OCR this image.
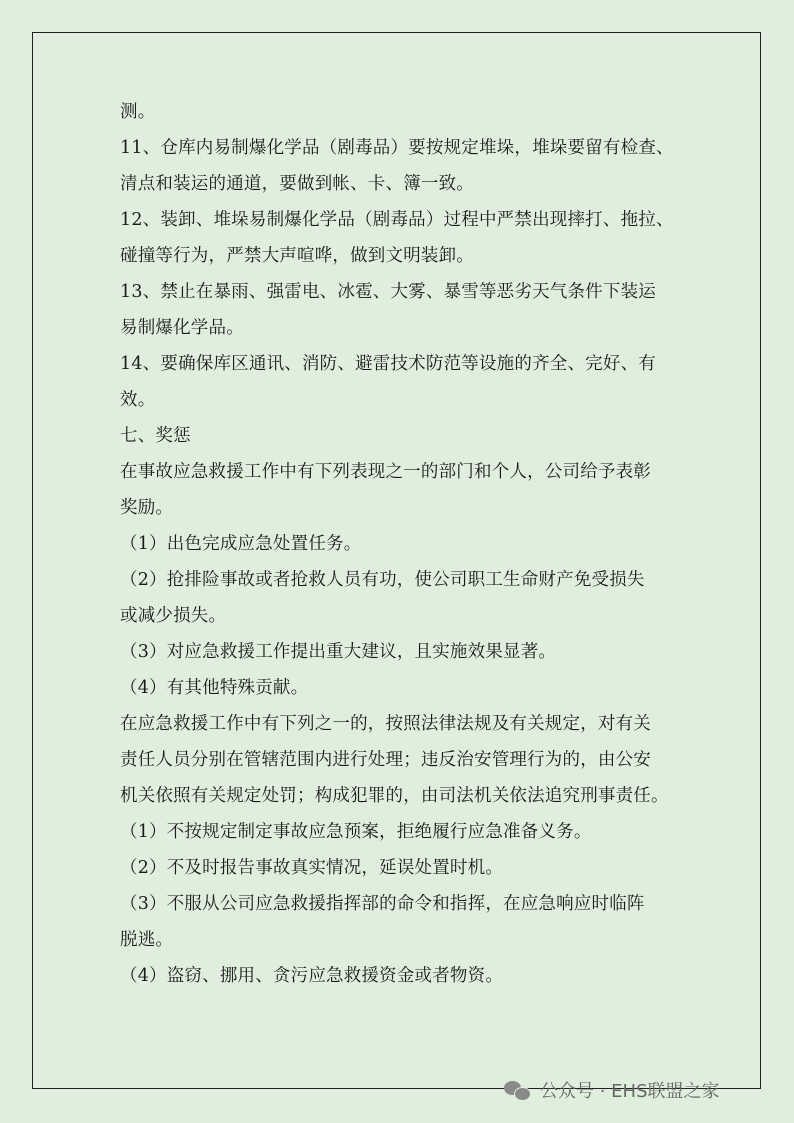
测。
11、仓库内易制爆化学品（剧毒品）要按规定堆垛，堆垛要留有检查、
清点和装运的通道，要做到帐、卡、簿一致。
12、装卸、堆垛易制爆化学品（剧毒品）过程中严禁出现摔打、拖拉、
碰撞等行为，严禁大声喧哗，做到文明装卸。
13、禁止在暴雨、强雷电、冰雹、大雾、暴雪等恶劣天气条件下装运
易制爆化学品。
14、要确保库区通讯、消防、避雷技术防范等设施的齐全、完好、有
效。
七、奖惩
在事故应急救援工作中有下列表现之一的部门和个人，公司给予表彰
奖励。
（1）出色完成应急处置任务。
（2）抢排险事故或者抢救人员有功，使公司职工生命财产免受损失
或减少损失。
（3）对应急救援工作提出重大建议，且实施效果显著。
（4）有其他特殊贡献。
在应急救援工作中有下列之一的，按照法律法规及有关规定，对有关
责任人员分别在管辖范围内进行处理；违反治安管理行为的，由公安
机关依照有关规定处罚；构成犯罪的，由司法机关依法追究刑事责任。
（1）不按规定制定事故应急预案，拒绝履行应急准备义务。
（2）不及时报告事故真实情况，延误处置时机。
（3）不服从公司应急救援指挥部的命令和指挥，在应急响应时临阵
脱逃。
（4）盗窃、挪用、贪污应急救援资金或者物资。
公众号 · EHS联盟之家
